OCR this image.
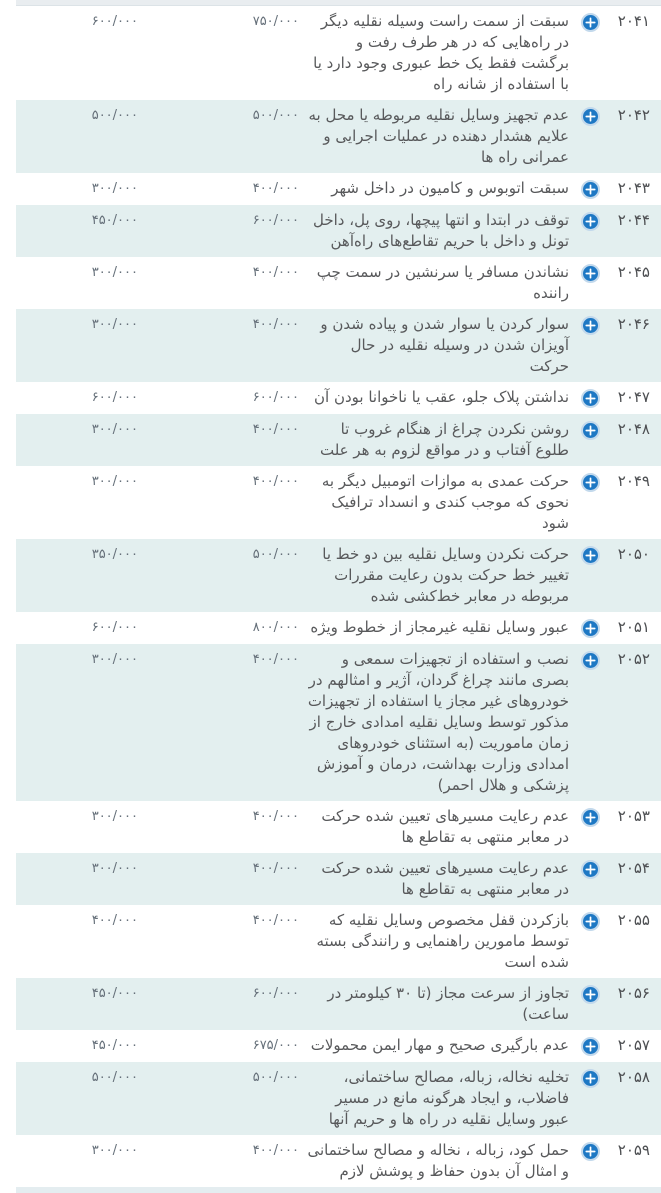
۲۰۴۱
سبقت از سمت راست وسیله نقلیه دیگر در راه‌هایی که در هر طرف رفت و برگشت فقط یک خط عبوری وجود دارد یا با استفاده از شانه راه
۷۵۰/۰۰۰
۶۰۰/۰۰۰
۲۰۴۲
عدم تجهیز وسایل نقلیه مربوطه یا محل به علایم هشدار دهنده در عملیات اجرایی و عمرانی راه ها
۵۰۰/۰۰۰
۵۰۰/۰۰۰
۲۰۴۳
سبقت اتوبوس و کامیون در داخل شهر
۴۰۰/۰۰۰
۳۰۰/۰۰۰
۲۰۴۴
توقف در ابتدا و انتها پیچها، روی پل، داخل تونل و داخل با حریم تقاطع‌های راه‌آهن
۶۰۰/۰۰۰
۴۵۰/۰۰۰
۲۰۴۵
نشاندن مسافر یا سرنشین در سمت چپ راننده
۴۰۰/۰۰۰
۳۰۰/۰۰۰
۲۰۴۶
سوار کردن یا سوار شدن و پیاده شدن و آویزان شدن در وسیله نقلیه در حال حرکت
۴۰۰/۰۰۰
۳۰۰/۰۰۰
۲۰۴۷
نداشتن پلاک جلو، عقب یا ناخوانا بودن آن
۶۰۰/۰۰۰
۶۰۰/۰۰۰
۲۰۴۸
روشن نکردن چراغ از هنگام غروب تا طلوع آفتاب و در مواقع لزوم به هر علت
۴۰۰/۰۰۰
۳۰۰/۰۰۰
۲۰۴۹
حرکت عمدی به موازات اتومبیل دیگر به نحوی که موجب کندی و انسداد ترافیک شود
۴۰۰/۰۰۰
۳۰۰/۰۰۰
۲۰۵۰
حرکت نکردن وسایل نقلیه بین دو خط یا تغییر خط حرکت بدون رعایت مقررات مربوطه در معابر خط‌کشی شده
۵۰۰/۰۰۰
۳۵۰/۰۰۰
۲۰۵۱
عبور وسایل نقلیه غیرمجاز از خطوط ویژه
۸۰۰/۰۰۰
۶۰۰/۰۰۰
۲۰۵۲
نصب و استفاده از تجهیزات سمعی و بصری مانند چراغ گردان، آژیر و امثالهم در خودروهای غیر مجاز یا استفاده از تجهیزات مذکور توسط وسایل نقلیه امدادی خارج از زمان ماموریت (به استثنای خودروهای امدادی وزارت بهداشت، درمان و آموزش پزشکی و هلال احمر)
۴۰۰/۰۰۰
۳۰۰/۰۰۰
۲۰۵۳
عدم رعایت مسیرهای تعیین شده حرکت در معابر منتهی به تقاطع ها
۴۰۰/۰۰۰
۳۰۰/۰۰۰
۲۰۵۴
عدم رعایت مسیرهای تعیین شده حرکت در معابر منتهی به تقاطع ها
۴۰۰/۰۰۰
۳۰۰/۰۰۰
۲۰۵۵
بازکردن قفل مخصوص وسایل نقلیه که توسط مامورین راهنمایی و رانندگی بسته شده است
۴۰۰/۰۰۰
۴۰۰/۰۰۰
۲۰۵۶
تجاوز از سرعت مجاز (تا ۳۰ کیلومتر در ساعت)
۶۰۰/۰۰۰
۴۵۰/۰۰۰
۲۰۵۷
عدم بارگیری صحیح و مهار ایمن محمولات
۶۷۵/۰۰۰
۴۵۰/۰۰۰
۲۰۵۸
تخلیه نخاله، زباله، مصالح ساختمانی، فاضلاب، و ایجاد هرگونه مانع در مسیر عبور وسایل نقلیه در راه ها و حریم آنها
۵۰۰/۰۰۰
۵۰۰/۰۰۰
۲۰۵۹
حمل کود، زباله ، نخاله و مصالح ساختمانی و امثال آن بدون حفاظ و پوشش لازم
۴۰۰/۰۰۰
۳۰۰/۰۰۰
